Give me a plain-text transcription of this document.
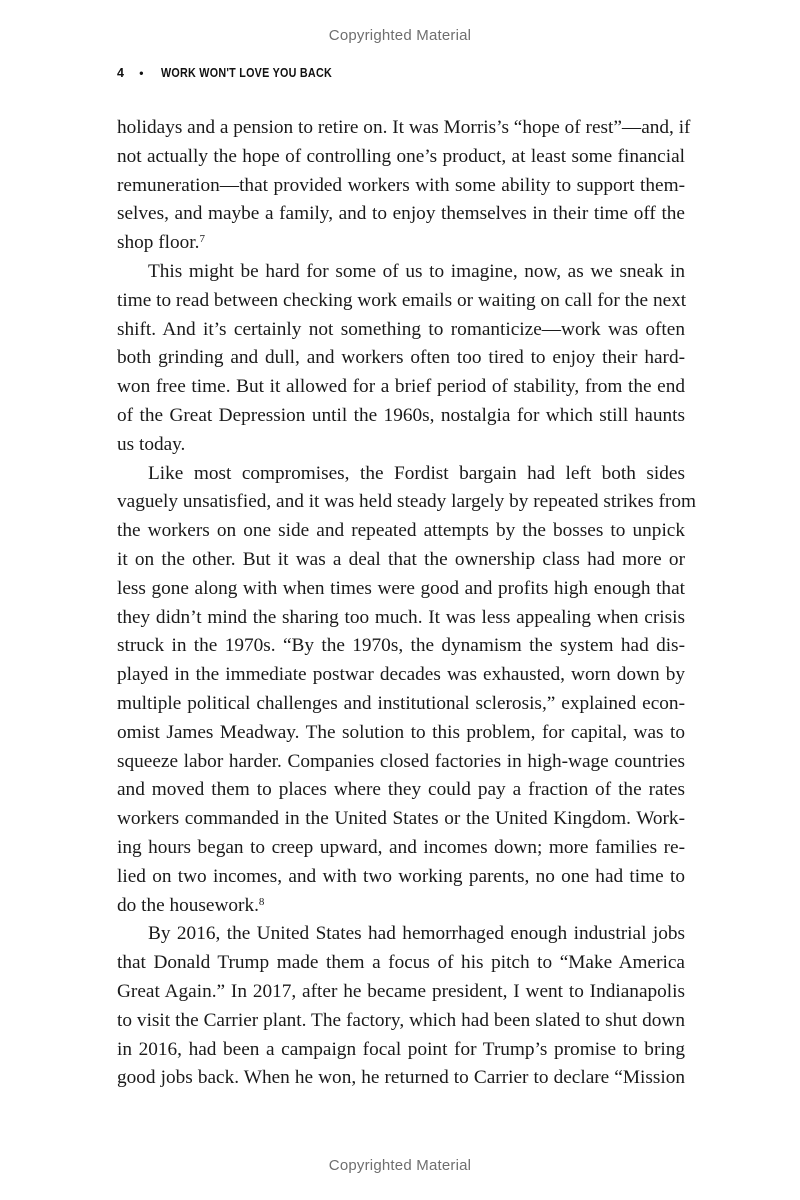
Copyrighted Material
4 • WORK WON'T LOVE YOU BACK
holidays and a pension to retire on. It was Morris’s “hope of rest”—and, if
not actually the hope of controlling one’s product, at least some financial
remuneration—that provided workers with some ability to support them-
selves, and maybe a family, and to enjoy themselves in their time off the
shop floor.$^7$
This might be hard for some of us to imagine, now, as we sneak in
time to read between checking work emails or waiting on call for the next
shift. And it’s certainly not something to romanticize—work was often
both grinding and dull, and workers often too tired to enjoy their hard-
won free time. But it allowed for a brief period of stability, from the end
of the Great Depression until the 1960s, nostalgia for which still haunts
us today.
Like most compromises, the Fordist bargain had left both sides
vaguely unsatisfied, and it was held steady largely by repeated strikes from
the workers on one side and repeated attempts by the bosses to unpick
it on the other. But it was a deal that the ownership class had more or
less gone along with when times were good and profits high enough that
they didn’t mind the sharing too much. It was less appealing when crisis
struck in the 1970s. “By the 1970s, the dynamism the system had dis-
played in the immediate postwar decades was exhausted, worn down by
multiple political challenges and institutional sclerosis,” explained econ-
omist James Meadway. The solution to this problem, for capital, was to
squeeze labor harder. Companies closed factories in high-wage countries
and moved them to places where they could pay a fraction of the rates
workers commanded in the United States or the United Kingdom. Work-
ing hours began to creep upward, and incomes down; more families re-
lied on two incomes, and with two working parents, no one had time to
do the housework.$^8$
By 2016, the United States had hemorrhaged enough industrial jobs
that Donald Trump made them a focus of his pitch to “Make America
Great Again.” In 2017, after he became president, I went to Indianapolis
to visit the Carrier plant. The factory, which had been slated to shut down
in 2016, had been a campaign focal point for Trump’s promise to bring
good jobs back. When he won, he returned to Carrier to declare “Mission
Copyrighted Material
